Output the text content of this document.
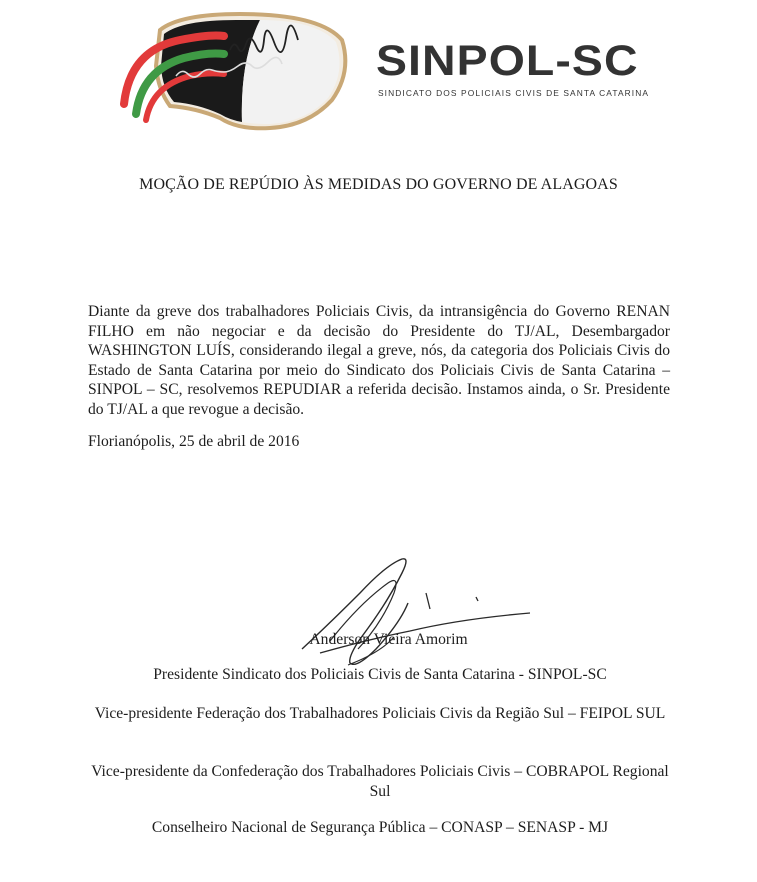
SINPOL-SC
SINDICATO DOS POLICIAIS CIVIS DE SANTA CATARINA
MOÇÃO DE REPÚDIO ÀS MEDIDAS DO GOVERNO DE ALAGOAS
Diante da greve dos trabalhadores Policiais Civis, da intransigência do Governo RENAN FILHO em não negociar e da decisão do Presidente do TJ/AL, Desembargador WASHINGTON LUÍS, considerando ilegal a greve, nós, da categoria dos Policiais Civis do Estado de Santa Catarina por meio do Sindicato dos Policiais Civis de Santa Catarina – SINPOL – SC, resolvemos REPUDIAR a referida decisão. Instamos ainda, o Sr. Presidente do TJ/AL a que revogue a decisão.
Florianópolis, 25 de abril de 2016
Anderson Vieira Amorim
Presidente Sindicato dos Policiais Civis de Santa Catarina - SINPOL-SC
Vice-presidente Federação dos Trabalhadores Policiais Civis da Região Sul – FEIPOL SUL
Vice-presidente da Confederação dos Trabalhadores Policiais Civis – COBRAPOL Regional Sul
Conselheiro Nacional de Segurança Pública – CONASP – SENASP - MJ
